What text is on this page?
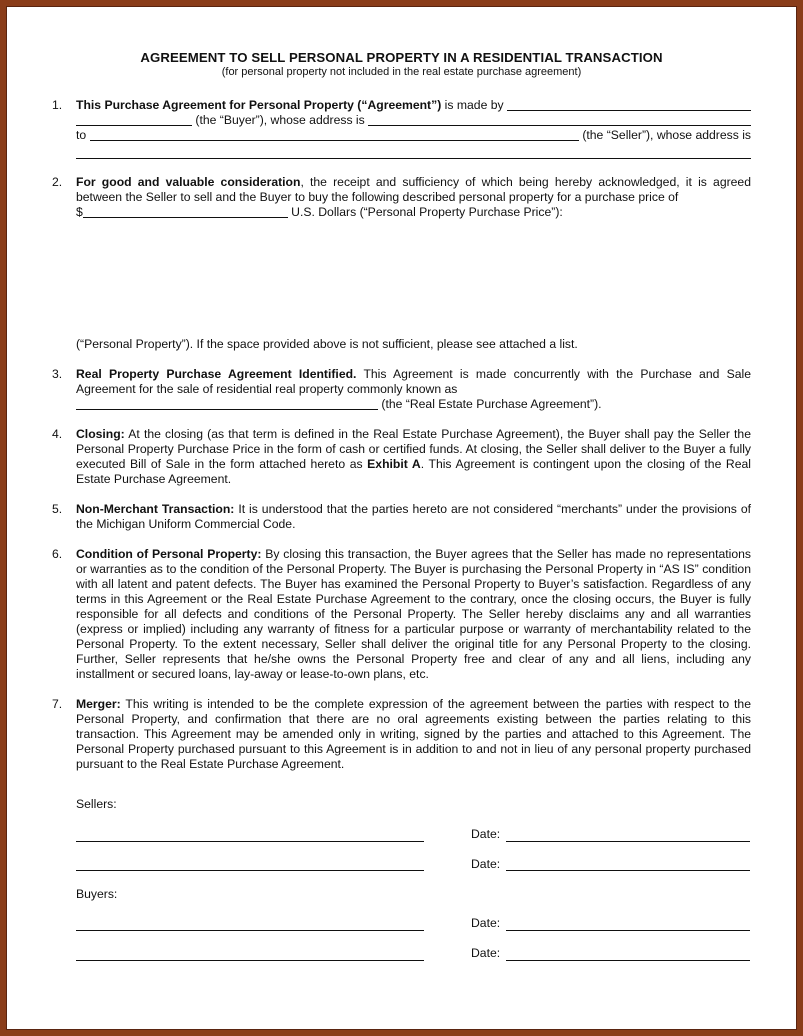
AGREEMENT TO SELL PERSONAL PROPERTY IN A RESIDENTIAL TRANSACTION
(for personal property not included in the real estate purchase agreement)
1. This Purchase Agreement for Personal Property (“Agreement”) is made by
(the “Buyer”), whose address is
to	(the “Seller”), whose address is
2. For good and valuable consideration, the receipt and sufficiency of which being hereby acknowledged, it is agreed between the Seller to sell and the Buyer to buy the following described personal property for a purchase price of
$	U.S. Dollars (“Personal Property Purchase Price”):
(“Personal Property”). If the space provided above is not sufficient, please see attached a list.
3. Real Property Purchase Agreement Identified. This Agreement is made concurrently with the Purchase and Sale Agreement for the sale of residential real property commonly known as
(the “Real Estate Purchase Agreement”).
4. Closing: At the closing (as that term is defined in the Real Estate Purchase Agreement), the Buyer shall pay the Seller the Personal Property Purchase Price in the form of cash or certified funds. At closing, the Seller shall deliver to the Buyer a fully executed Bill of Sale in the form attached hereto as Exhibit A. This Agreement is contingent upon the closing of the Real Estate Purchase Agreement.
5. Non-Merchant Transaction: It is understood that the parties hereto are not considered “merchants” under the provisions of the Michigan Uniform Commercial Code.
6. Condition of Personal Property: By closing this transaction, the Buyer agrees that the Seller has made no representations or warranties as to the condition of the Personal Property. The Buyer is purchasing the Personal Property in “AS IS” condition with all latent and patent defects. The Buyer has examined the Personal Property to Buyer’s satisfaction. Regardless of any terms in this Agreement or the Real Estate Purchase Agreement to the contrary, once the closing occurs, the Buyer is fully responsible for all defects and conditions of the Personal Property. The Seller hereby disclaims any and all warranties (express or implied) including any warranty of fitness for a particular purpose or warranty of merchantability related to the Personal Property. To the extent necessary, Seller shall deliver the original title for any Personal Property to the closing. Further, Seller represents that he/she owns the Personal Property free and clear of any and all liens, including any installment or secured loans, lay-away or lease-to-own plans, etc.
7. Merger: This writing is intended to be the complete expression of the agreement between the parties with respect to the Personal Property, and confirmation that there are no oral agreements existing between the parties relating to this transaction. This Agreement may be amended only in writing, signed by the parties and attached to this Agreement. The Personal Property purchased pursuant to this Agreement is in addition to and not in lieu of any personal property purchased pursuant to the Real Estate Purchase Agreement.
Sellers:
Date:
Date:
Buyers:
Date:
Date:
